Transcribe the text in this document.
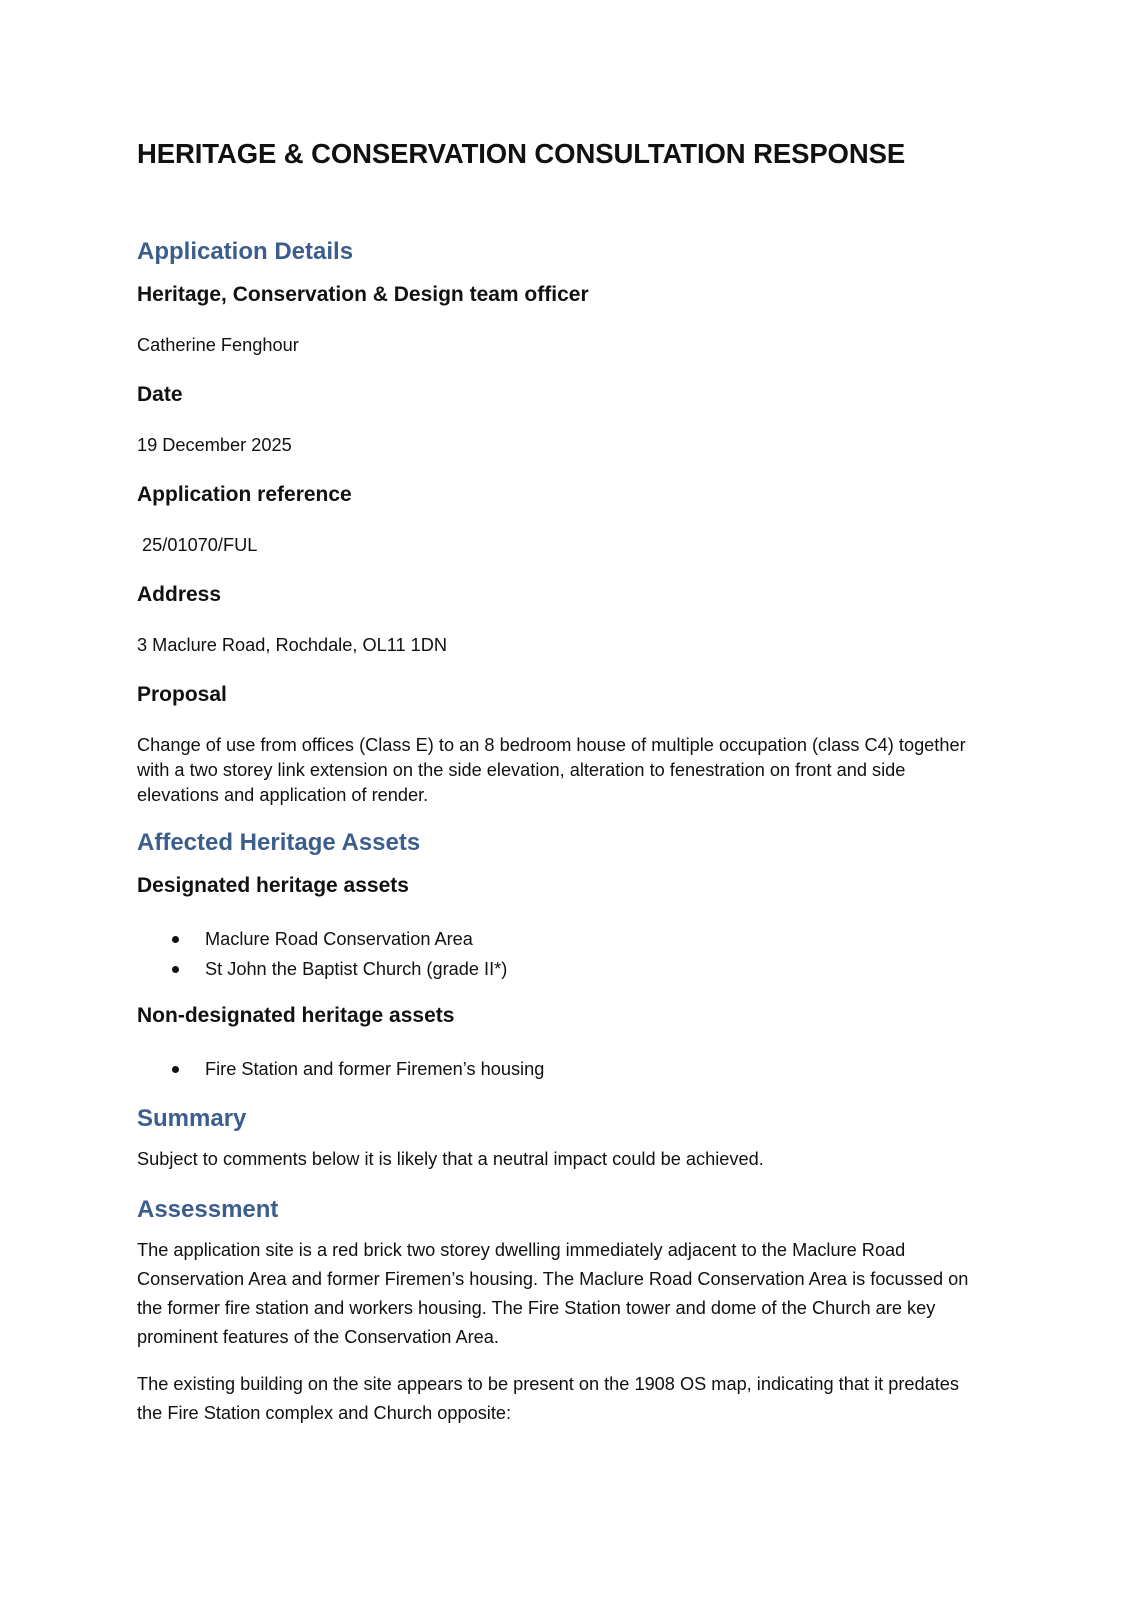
HERITAGE & CONSERVATION CONSULTATION RESPONSE
Application Details
Heritage, Conservation & Design team officer

Catherine Fenghour

Date

19 December 2025

Application reference

25/01070/FUL

Address

3 Maclure Road, Rochdale, OL11 1DN

Proposal

Change of use from offices (Class E) to an 8 bedroom house of multiple occupation (class C4) together with a two storey link extension on the side elevation, alteration to fenestration on front and side elevations and application of render.

Affected Heritage Assets
Designated heritage assets
Maclure Road Conservation Area
St John the Baptist Church (grade II*)
Non-designated heritage assets
Fire Station and former Firemen’s housing
Summary

Subject to comments below it is likely that a neutral impact could be achieved.

Assessment

The application site is a red brick two storey dwelling immediately adjacent to the Maclure Road Conservation Area and former Firemen’s housing. The Maclure Road Conservation Area is focussed on the former fire station and workers housing. The Fire Station tower and dome of the Church are key prominent features of the Conservation Area.

The existing building on the site appears to be present on the 1908 OS map, indicating that it predates the Fire Station complex and Church opposite:
